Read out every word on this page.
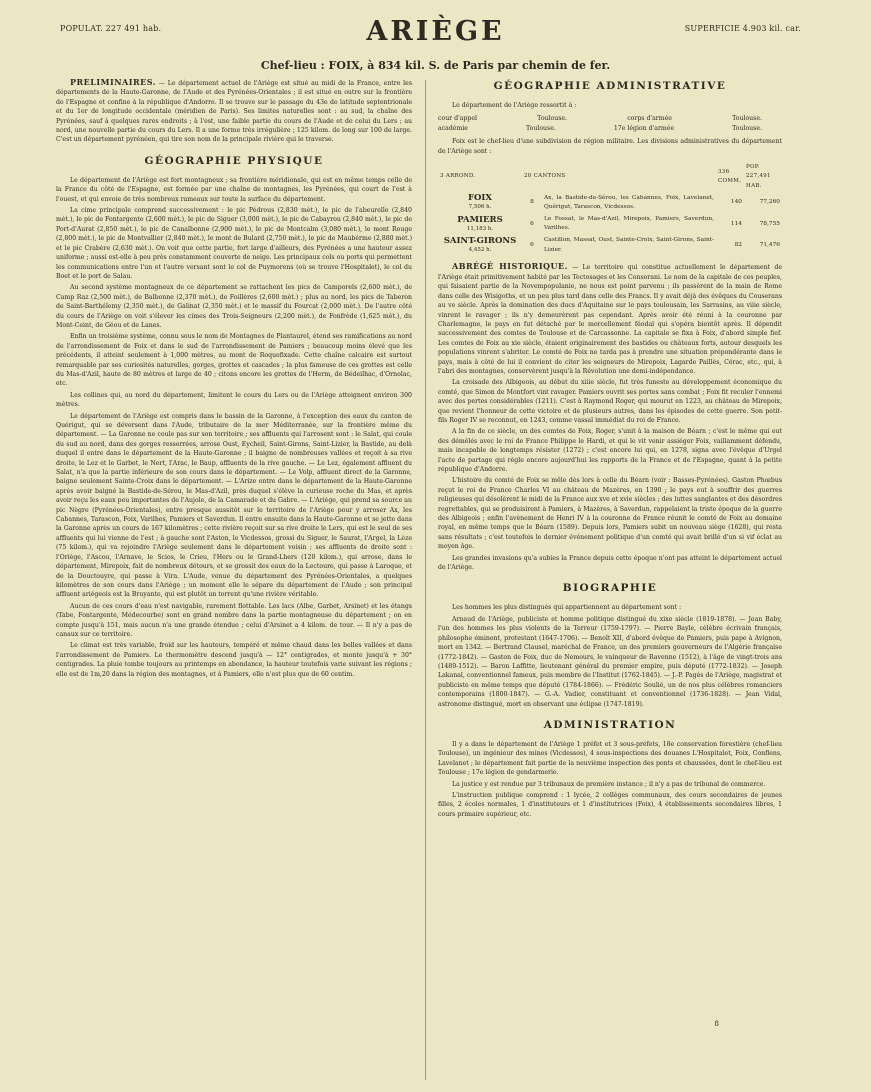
POPULAT. 227 491 hab.	ARIÈGE	SUPERFICIE 4.903 kil. car.
Chef-lieu : FOIX, à 834 kil. S. de Paris par chemin de fer.

PRÉLIMINAIRES. — Le département actuel de l'Ariège est situé au midi de la France, entre les départements de la Haute-Garonne, de l'Aude et des Pyrénées-Orientales ; il est situé en outre sur la frontière de l'Espagne et confine à la république d'Andorre. Il se trouve sur le passage du 43e de latitude septentrionale et du 1er de longitude occidentale (méridien de Paris). Ses limites naturelles sont : au sud, la chaîne des Pyrénées, sauf à quelques rares endroits ; à l'est, une faible partie du cours de l'Aude et de celui du Lers ; au nord, une nouvelle partie du cours du Lers. Il a une forme très irrégulière ; 125 kilom. de long sur 100 de large. C'est un département pyrénéen, qui tire son nom de la principale rivière qui le traverse.

GÉOGRAPHIE PHYSIQUE

Le département de l'Ariège est fort montagneux ; sa frontière méridionale, qui est en même temps celle de la France du côté de l'Espagne, est formée par une chaîne de montagnes, les Pyrénées, qui court de l'est à l'ouest, et qui envoie de très nombreux rameaux sur toute la surface du département.

La cime principale comprend successivement : le pic Pédrous (2,830 mèt.), le pic de l'abeurelle (2,840 mèt.), le pic de Fontargente (2,600 mèt.), le pic de Siguer (3,000 mèt.), le pic de Cabayrou (2,840 mèt.), le pic de Port-d'Aurat (2,850 mèt.), le pic de Canalbonne (2,900 mèt.), le pic de Montcalm (3,080 mèt.), le mont Rouge (2,800 mèt.), le pic de Montvallier (2,840 mèt.), le mont de Bulard (2,750 mèt.), le pic de Maubérme (2,880 mèt.) et le pic Crabère (2,630 mèt.). On voit que cette partie, fort large d'ailleurs, des Pyrénées a une hauteur assez uniforme ; aussi est-elle à peu près constamment couverte de neige. Les principaux cols ou ports qui permettent les communications entre l'un et l'autre versant sont le col de Puymorens (où se trouve l'Hospitalet), le col du Boet et le port de Salau.

Au second système montagneux de ce département se rattachent les pics de Camporels (2,600 mèt.), de Camp Raz (2,500 mèt.), de Balbonne (2,370 mèt.), de Foillères (2,600 mèt.) ; plus au nord, les pics de Taberon de Saint-Barthélemy (2,350 mèt.), de Galinat (2,350 mèt.) et le massif du Fourcat (2,000 mèt.). De l'autre côté du cours de l'Ariège on voit s'élever les cimes des Trois-Seigneurs (2,200 mèt.), de Fonfrède (1,625 mèt.), du Mont-Ceint, de Géou et de Lanes.

Enfin un troisième système, connu sous le nom de Montagnes de Plantaurel, étend ses ramifications au nord de l'arrondissement de Foix et dans le sud de l'arrondissement de Pamiers ; beaucoup moins élevé que les précédents, il atteint seulement à 1,000 mètres, au mont de Roquefixade. Cette chaîne calcaire est surtout remarquable par ses curiosités naturelles, gorges, grottes et cascades ; la plus fameuse de ces grottes est celle du Mas-d'Azil, haute de 80 mètres et large de 40 ; citons encore les grottes de l'Herm, de Bédeilhac, d'Ornolac, etc.

Les collines qui, au nord du département, limitent le cours du Lers ou de l'Ariège atteignent environ 300 mètres.

Le département de l'Ariège est compris dans le bassin de la Garonne, à l'exception des eaux du canton de Quérigut, qui se déversent dans l'Aude, tributaire de la mer Méditerranée, sur la frontière même du département. — La Garonne ne coule pas sur son territoire ; ses affluents qui l'arrosent sont : le Salat, qui coule du sud au nord, dans des gorges resserrées, arrose Oust, Eycheil, Saint-Girons, Saint-Lizier, la Bastide, au delà duquel il entre dans le département de la Haute-Garonne ; il baigne de nombreuses vallées et reçoit à sa rive droite, le Lez et le Garbet, le Nert, l'Arac, le Baup, affluents de la rive gauche. — Le Lez, également affluent du Salat, n'a que la partie inférieure de son cours dans le département. — Le Volp, affluent direct de la Garonne, baigne seulement Sainte-Croix dans le département. — L'Arize entre dans le département de la Haute-Garonne après avoir baigné la Bastide-de-Sérou, le Mas-d'Azil, près duquel s'élève la curieuse roche du Mas, et après avoir reçu les eaux peu importantes de l'Aujole, de la Camarade et du Gabre. — L'Ariège, qui prend sa source au pic Nègre (Pyrénées-Orientales), entre presque aussitôt sur le territoire de l'Ariège pour y arroser Ax, les Cabannes, Tarascon, Foix, Varilhes, Pamiers et Saverdun. Il entre ensuite dans la Haute-Garonne et se jette dans la Garonne après un cours de 167 kilomètres ; cette rivière reçoit sur sa rive droite le Lers, qui est le seul de ses affluents qui lui vienne de l'est ; à gauche sont l'Aston, le Vicdessos, grossi du Siguer, le Saurat, l'Argel, la Lèze (75 kilom.), qui va rejoindre l'Ariège seulement dans le département voisin ; ses affluents de droite sont : l'Oriège, l'Ascou, l'Arnave, le Scios, le Crieu, l'Hers ou le Grand-Lhers (120 kilom.), qui arrose, dans le département, Mirepoix, fait de nombreux détours, et se grossit des eaux de la Lectoure, qui passe à Laroque, et de la Douctouyre, qui passe à Vira. L'Aude, venue du département des Pyrénées-Orientales, a quelques kilomètres de son cours dans l'Ariège ; un moment elle le sépare du département de l'Aude ; son principal affluent ariégeois est la Bruyante, qui est plutôt un torrent qu'une rivière véritable.

Aucun de ces cours d'eau n'est navigable, rarement flottable. Les lacs (Albe, Garbet, Arsinet) et les étangs (Tabe, Fontargente, Médecourbe) sont en grand nombre dans la partie montagneuse du département ; on en compte jusqu'à 151, mais aucun n'a une grande étendue ; celui d'Arsinet a 4 kilom. de tour. — Il n'y a pas de canaux sur ce territoire.

Le climat est très variable, froid sur les hauteurs, tempéré et même chaud dans les belles vallées et dans l'arrondissement de Pamiers. Le thermomètre descend jusqu'à — 12° centigrades, et monte jusqu'à + 30° centigrades. La pluie tombe toujours au printemps en abondance, la hauteur toutefois varie suivant les régions ; elle est de 1m,20 dans la région des montagnes, et à Pamiers, elle n'est plus que de 60 centim.

GÉOGRAPHIE ADMINISTRATIVE
Le département de l'Ariège ressortit à :
cour d'appel	Toulouse.	corps d'armée	Toulouse.
académie	Toulouse.	17e légion d'armée	Toulouse.

Foix est le chef-lieu d'une subdivision de région militaire. Les divisions administratives du département de l'Ariège sont :

3 ARROND.	20 CANTONS		336 COMM.	POP. 227,491 HAB.

FOIX
7,506 h.	8	Ax, la Bastide-de-Sérou, les Cabannes, Foix, Lavelanet, Quérigut, Tarascon, Vicdessos.	140	77,260

PAMIERS
11,183 h.	6	Le Fossat, le Mas-d'Azil, Mirepoix, Pamiers, Saverdun, Varilhes.	114	78,755

SAINT-GIRONS
4,452 h.	6	Castillon, Massat, Oust, Sainte-Croix, Saint-Girons, Saint-Lizier.	82	71,476

ABRÉGÉ HISTORIQUE. — Le territoire qui constitue actuellement le département de l'Ariège était primitivement habité par les Tectosages et les Consorani. Le nom de la capitale de ces peuples, qui faisaient partie de la Novempopulanie, ne nous est point parvenu ; ils passèrent de la main de Rome dans celle des Wisigoths, et un peu plus tard dans celle des Francs. Il y avait déjà des évêques du Couserans au ve siècle. Après la domination des ducs d'Aquitaine sur le pays toulousain, les Sarrasins, au viiie siècle, vinrent le ravager ; ils n'y demeurèrent pas cependant. Après avoir été réuni à la couronne par Charlemagne, le pays en fut détaché par le morcellement féodal qui s'opéra bientôt après. Il dépendit successivement des comtes de Toulouse et de Carcassonne. La capitale se fixa à Foix, d'abord simple fief. Les comtes de Foix au xie siècle, étaient originairement des bastides ou châteaux forts, autour desquels les populations vinrent s'abriter. Le comté de Foix ne tarda pas à prendre une situation prépondérante dans le pays, mais à côté de lui il convient de citer les seigneurs de Mirepoix, Lagarde Paillès, Cérac, etc., qui, à l'abri des montagnes, conservèrent jusqu'à la Révolution une demi-indépendance.

La croisade des Albigeois, au début du xiiie siècle, fut très funeste au développement économique du comté, que Simon de Montfort vint ravager. Pamiers ouvrit ses portes sans combat ; Foix fit reculer l'ennemi avec des pertes considérables (1211). C'est à Raymond Roger, qui mourut en 1223, au château de Mirepoix, que revient l'honneur de cette victoire et de plusieurs autres, dans les épisodes de cette guerre. Son petit-fils Roger IV se reconnut, en 1243, comme vassal immédiat du roi de France.

A la fin de ce siècle, un des comtes de Foix, Roger, s'unit à la maison de Béarn ; c'est le même qui eut des démêlés avec le roi de France Philippe le Hardi, et qui le vit venir assiéger Foix, vaillamment défendu, mais incapable de longtemps résister (1272) ; c'est encore lui qui, en 1278, signa avec l'évêque d'Urgel l'acte de partage qui règle encore aujourd'hui les rapports de la France et de l'Espagne, quant à la petite république d'Andorre.

L'histoire du comté de Foix se mêle dès lors à celle du Béarn (voir : Basses-Pyrénées). Gaston Phœbus reçut le roi de France Charles VI au château de Mazères, en 1390 ; le pays eut à souffrir des guerres religieuses qui désolèrent le midi de la France aux xve et xvie siècles ; des luttes sanglantes et des désordres regrettables, qui se produisirent à Pamiers, à Mazères, à Saverdun, rappelaient la triste époque de la guerre des Albigeois ; enfin l'avènement de Henri IV à la couronne de France réunit le comté de Foix au domaine royal, en même temps que le Béarn (1589). Depuis lors, Pamiers subit un nouveau siège (1628), qui resta sans résultats ; c'est toutefois le dernier événement politique d'un comté qui avait brillé d'un si vif éclat au moyen âge.

Les grandes invasions qu'a subies la France depuis cette époque n'ont pas atteint le département actuel de l'Ariège.

BIOGRAPHIE

Les hommes les plus distingués qui appartiennent au département sont :

Arnaud de l'Ariège, publiciste et homme politique distingué du xixe siècle (1819-1878). — Jean Baby, l'un des hommes les plus violents de la Terreur (1759-1797). — Pierre Bayle, célèbre écrivain français, philosophe éminent, protestant (1647-1706). — Benoît XII, d'abord évêque de Pamiers, puis pape à Avignon, mort en 1342. — Bertrand Clausel, maréchal de France, un des premiers gouverneurs de l'Algérie française (1772-1842). — Gaston de Foix, duc de Nemours, le vainqueur de Ravenne (1512), à l'âge de vingt-trois ans (1489-1512). — Baron Laffitte, lieutenant général du premier empire, puis député (1772-1832). — Joseph Lakanal, conventionnel fameux, puis membre de l'Institut (1762-1845). — J.-P. Pagès de l'Ariège, magistrat et publiciste en même temps que député (1784-1866). — Frédéric Soulié, un de nos plus célèbres romanciers contemporains (1800-1847). — G.-A. Vadier, constituant et conventionnel (1736-1828). — Jean Vidal, astronome distingué, mort en observant une éclipse (1747-1819).

ADMINISTRATION

Il y a dans le département de l'Ariège 1 préfet et 3 sous-préfets, 18e conservation forestière (chef-lieu Toulouse), un ingénieur des mines (Vicdessos), 4 sous-inspections des douanes L'Hospitalet, Foix, Conflens, Lavelanet ; le département fait partie de la neuvième inspection des ponts et chaussées, dont le chef-lieu est Toulouse ; 17e légion de gendarmerie.

La justice y est rendue par 3 tribunaux de première instance ; il n'y a pas de tribunal de commerce.

L'instruction publique comprend : 1 lycée, 2 collèges communaux, des cours secondaires de jeunes filles, 2 écoles normales, 1 d'instituteurs et 1 d'institutrices (Foix), 4 établissements secondaires libres, 1 cours primaire supérieur, etc.

8
